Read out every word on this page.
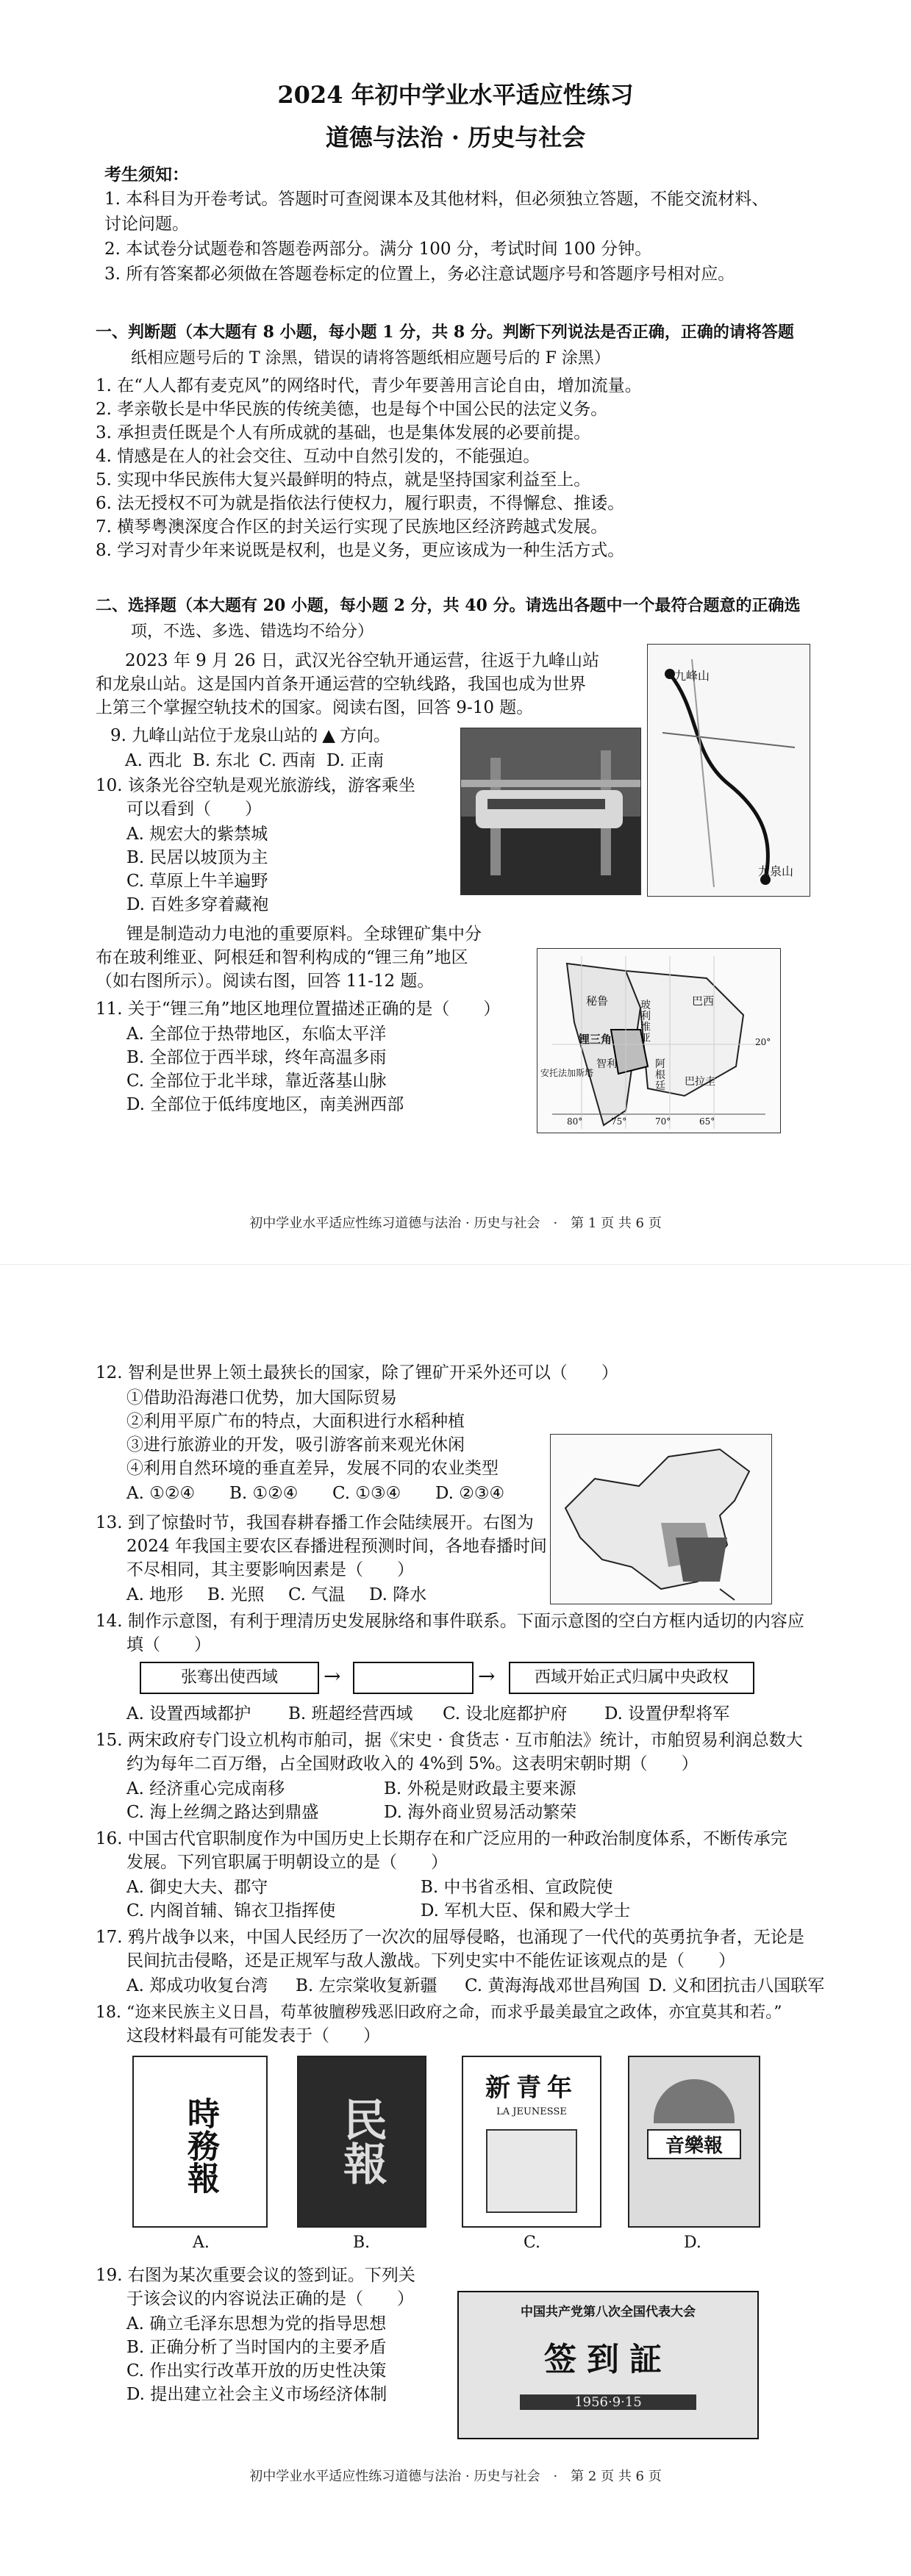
2024 年初中学业水平适应性练习
道德与法治 · 历史与社会
考生须知：
1. 本科目为开卷考试。答题时可查阅课本及其他材料，但必须独立答题，不能交流材料、
讨论问题。
2. 本试卷分试题卷和答题卷两部分。满分 100 分，考试时间 100 分钟。
3. 所有答案都必须做在答题卷标定的位置上，务必注意试题序号和答题序号相对应。
一、判断题（本大题有 8 小题，每小题 1 分，共 8 分。判断下列说法是否正确，正确的请将答题
纸相应题号后的 T 涂黑，错误的请将答题纸相应题号后的 F 涂黑）
1. 在“人人都有麦克风”的网络时代，青少年要善用言论自由，增加流量。
2. 孝亲敬长是中华民族的传统美德，也是每个中国公民的法定义务。
3. 承担责任既是个人有所成就的基础，也是集体发展的必要前提。
4. 情感是在人的社会交往、互动中自然引发的，不能强迫。
5. 实现中华民族伟大复兴最鲜明的特点，就是坚持国家利益至上。
6. 法无授权不可为就是指依法行使权力，履行职责，不得懈怠、推诿。
7. 横琴粤澳深度合作区的封关运行实现了民族地区经济跨越式发展。
8. 学习对青少年来说既是权利，也是义务，更应该成为一种生活方式。
二、选择题（本大题有 20 小题，每小题 2 分，共 40 分。请选出各题中一个最符合题意的正确选
项，不选、多选、错选均不给分）
2023 年 9 月 26 日，武汉光谷空轨开通运营，往返于九峰山站
和龙泉山站。这是国内首条开通运营的空轨线路，我国也成为世界
上第三个掌握空轨技术的国家。阅读右图，回答 9-10 题。
9. 九峰山站位于龙泉山站的 ▲ 方向。
A. 西北 B. 东北 C. 西南 D. 正南
10. 该条光谷空轨是观光旅游线，游客乘坐
可以看到（　　）
A. 规宏大的紫禁城
B. 民居以坡顶为主
C. 草原上牛羊遍野
D. 百姓多穿着藏袍
九峰山
龙泉山
锂是制造动力电池的重要原料。全球锂矿集中分
布在玻利维亚、阿根廷和智利构成的“锂三角”地区
（如右图所示）。阅读右图，回答 11-12 题。
11. 关于“锂三角”地区地理位置描述正确的是（　　）
A. 全部位于热带地区，东临太平洋
B. 全部位于西半球，终年高温多雨
C. 全部位于北半球，靠近落基山脉
D. 全部位于低纬度地区，南美洲西部
秘鲁	玻利维亚
巴西
锂三角
智利	阿根廷
安托法加斯塔
巴拉圭
80°	75°	70°	65°
20°
初中学业水平适应性练习道德与法治 · 历史与社会　·　第 1 页 共 6 页
12. 智利是世界上领土最狭长的国家，除了锂矿开采外还可以（　　）
①借助沿海港口优势，加大国际贸易
②利用平原广布的特点，大面积进行水稻种植
③进行旅游业的开发，吸引游客前来观光休闲
④利用自然环境的垂直差异，发展不同的农业类型
A. ①②④ B. ①②④ C. ①③④ D. ②③④
13. 到了惊蛰时节，我国春耕春播工作会陆续展开。右图为
2024 年我国主要农区春播进程预测时间，各地春播时间
不尽相同，其主要影响因素是（　　）
A. 地形 B. 光照 C. 气温 D. 降水
14. 制作示意图，有利于理清历史发展脉络和事件联系。下面示意图的空白方框内适切的内容应
填（　　）
张骞出使西域	→	→	西域开始正式归属中央政权
A. 设置西域都护 B. 班超经营西域 C. 设北庭都护府 D. 设置伊犁将军
15. 两宋政府专门设立机构市舶司，据《宋史 · 食货志 · 互市舶法》统计，市舶贸易利润总数大
约为每年二百万缗，占全国财政收入的 4%到 5%。这表明宋朝时期（　　）
A. 经济重心完成南移	B. 外税是财政最主要来源
C. 海上丝绸之路达到鼎盛	D. 海外商业贸易活动繁荣
16. 中国古代官职制度作为中国历史上长期存在和广泛应用的一种政治制度体系，不断传承完
发展。下列官职属于明朝设立的是（　　）
A. 御史大夫、郡守	B. 中书省丞相、宣政院使
C. 内阁首辅、锦衣卫指挥使	D. 军机大臣、保和殿大学士
17. 鸦片战争以来，中国人民经历了一次次的屈辱侵略，也涌现了一代代的英勇抗争者，无论是
民间抗击侵略，还是正规军与敌人激战。下列史实中不能佐证该观点的是（　　）
A. 郑成功收复台湾 B. 左宗棠收复新疆 C. 黄海海战邓世昌殉国 D. 义和团抗击八国联军
18. “迩来民族主义日昌，苟革彼膻秽残恶旧政府之命，而求乎最美最宜之政体，亦宜莫其和若。”
这段材料最有可能发表于（　　）
時務報
A.
民報
B.
新青年
LA JEUNESSE
C.
音樂報
D.
19. 右图为某次重要会议的签到证。下列关
于该会议的内容说法正确的是（　　）
A. 确立毛泽东思想为党的指导思想
B. 正确分析了当时国内的主要矛盾
C. 作出实行改革开放的历史性决策
D. 提出建立社会主义市场经济体制
中国共产党第八次全国代表大会
签到証
1956·9·15
初中学业水平适应性练习道德与法治 · 历史与社会　·　第 2 页 共 6 页
